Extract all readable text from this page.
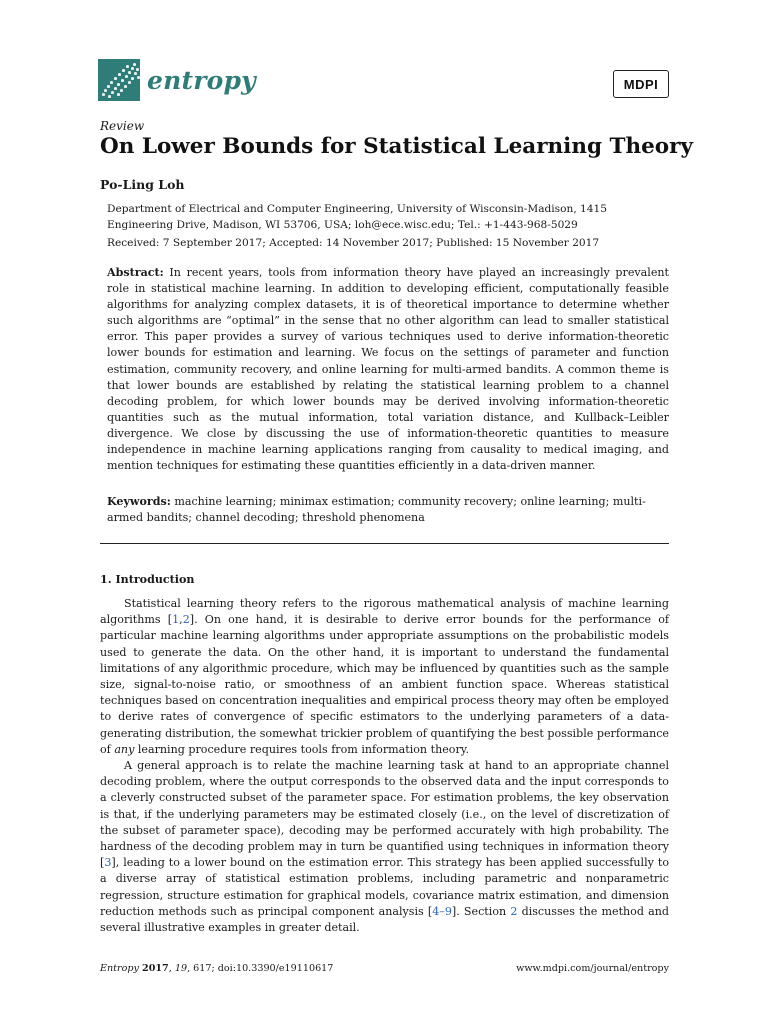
entropy	MDPI
Review
On Lower Bounds for Statistical Learning Theory
Po-Ling Loh
Department of Electrical and Computer Engineering, University of Wisconsin-Madison, 1415 Engineering Drive, Madison, WI 53706, USA; loh@ece.wisc.edu; Tel.: +1-443-968-5029
Received: 7 September 2017; Accepted: 14 November 2017; Published: 15 November 2017
Abstract: In recent years, tools from information theory have played an increasingly prevalent role in statistical machine learning. In addition to developing efficient, computationally feasible algorithms for analyzing complex datasets, it is of theoretical importance to determine whether such algorithms are “optimal” in the sense that no other algorithm can lead to smaller statistical error. This paper provides a survey of various techniques used to derive information-theoretic lower bounds for estimation and learning. We focus on the settings of parameter and function estimation, community recovery, and online learning for multi-armed bandits. A common theme is that lower bounds are established by relating the statistical learning problem to a channel decoding problem, for which lower bounds may be derived involving information-theoretic quantities such as the mutual information, total variation distance, and Kullback–Leibler divergence. We close by discussing the use of information-theoretic quantities to measure independence in machine learning applications ranging from causality to medical imaging, and mention techniques for estimating these quantities efficiently in a data-driven manner.
Keywords: machine learning; minimax estimation; community recovery; online learning; multi-armed bandits; channel decoding; threshold phenomena
1. Introduction

Statistical learning theory refers to the rigorous mathematical analysis of machine learning algorithms [1,2]. On one hand, it is desirable to derive error bounds for the performance of particular machine learning algorithms under appropriate assumptions on the probabilistic models used to generate the data. On the other hand, it is important to understand the fundamental limitations of any algorithmic procedure, which may be influenced by quantities such as the sample size, signal-to-noise ratio, or smoothness of an ambient function space. Whereas statistical techniques based on concentration inequalities and empirical process theory may often be employed to derive rates of convergence of specific estimators to the underlying parameters of a data-generating distribution, the somewhat trickier problem of quantifying the best possible performance of any learning procedure requires tools from information theory.

A general approach is to relate the machine learning task at hand to an appropriate channel decoding problem, where the output corresponds to the observed data and the input corresponds to a cleverly constructed subset of the parameter space. For estimation problems, the key observation is that, if the underlying parameters may be estimated closely (i.e., on the level of discretization of the subset of parameter space), decoding may be performed accurately with high probability. The hardness of the decoding problem may in turn be quantified using techniques in information theory [3], leading to a lower bound on the estimation error. This strategy has been applied successfully to a diverse array of statistical estimation problems, including parametric and nonparametric regression, structure estimation for graphical models, covariance matrix estimation, and dimension reduction methods such as principal component analysis [4–9]. Section 2 discusses the method and several illustrative examples in greater detail.

Entropy 2017, 19, 617; doi:10.3390/e19110617	www.mdpi.com/journal/entropy
